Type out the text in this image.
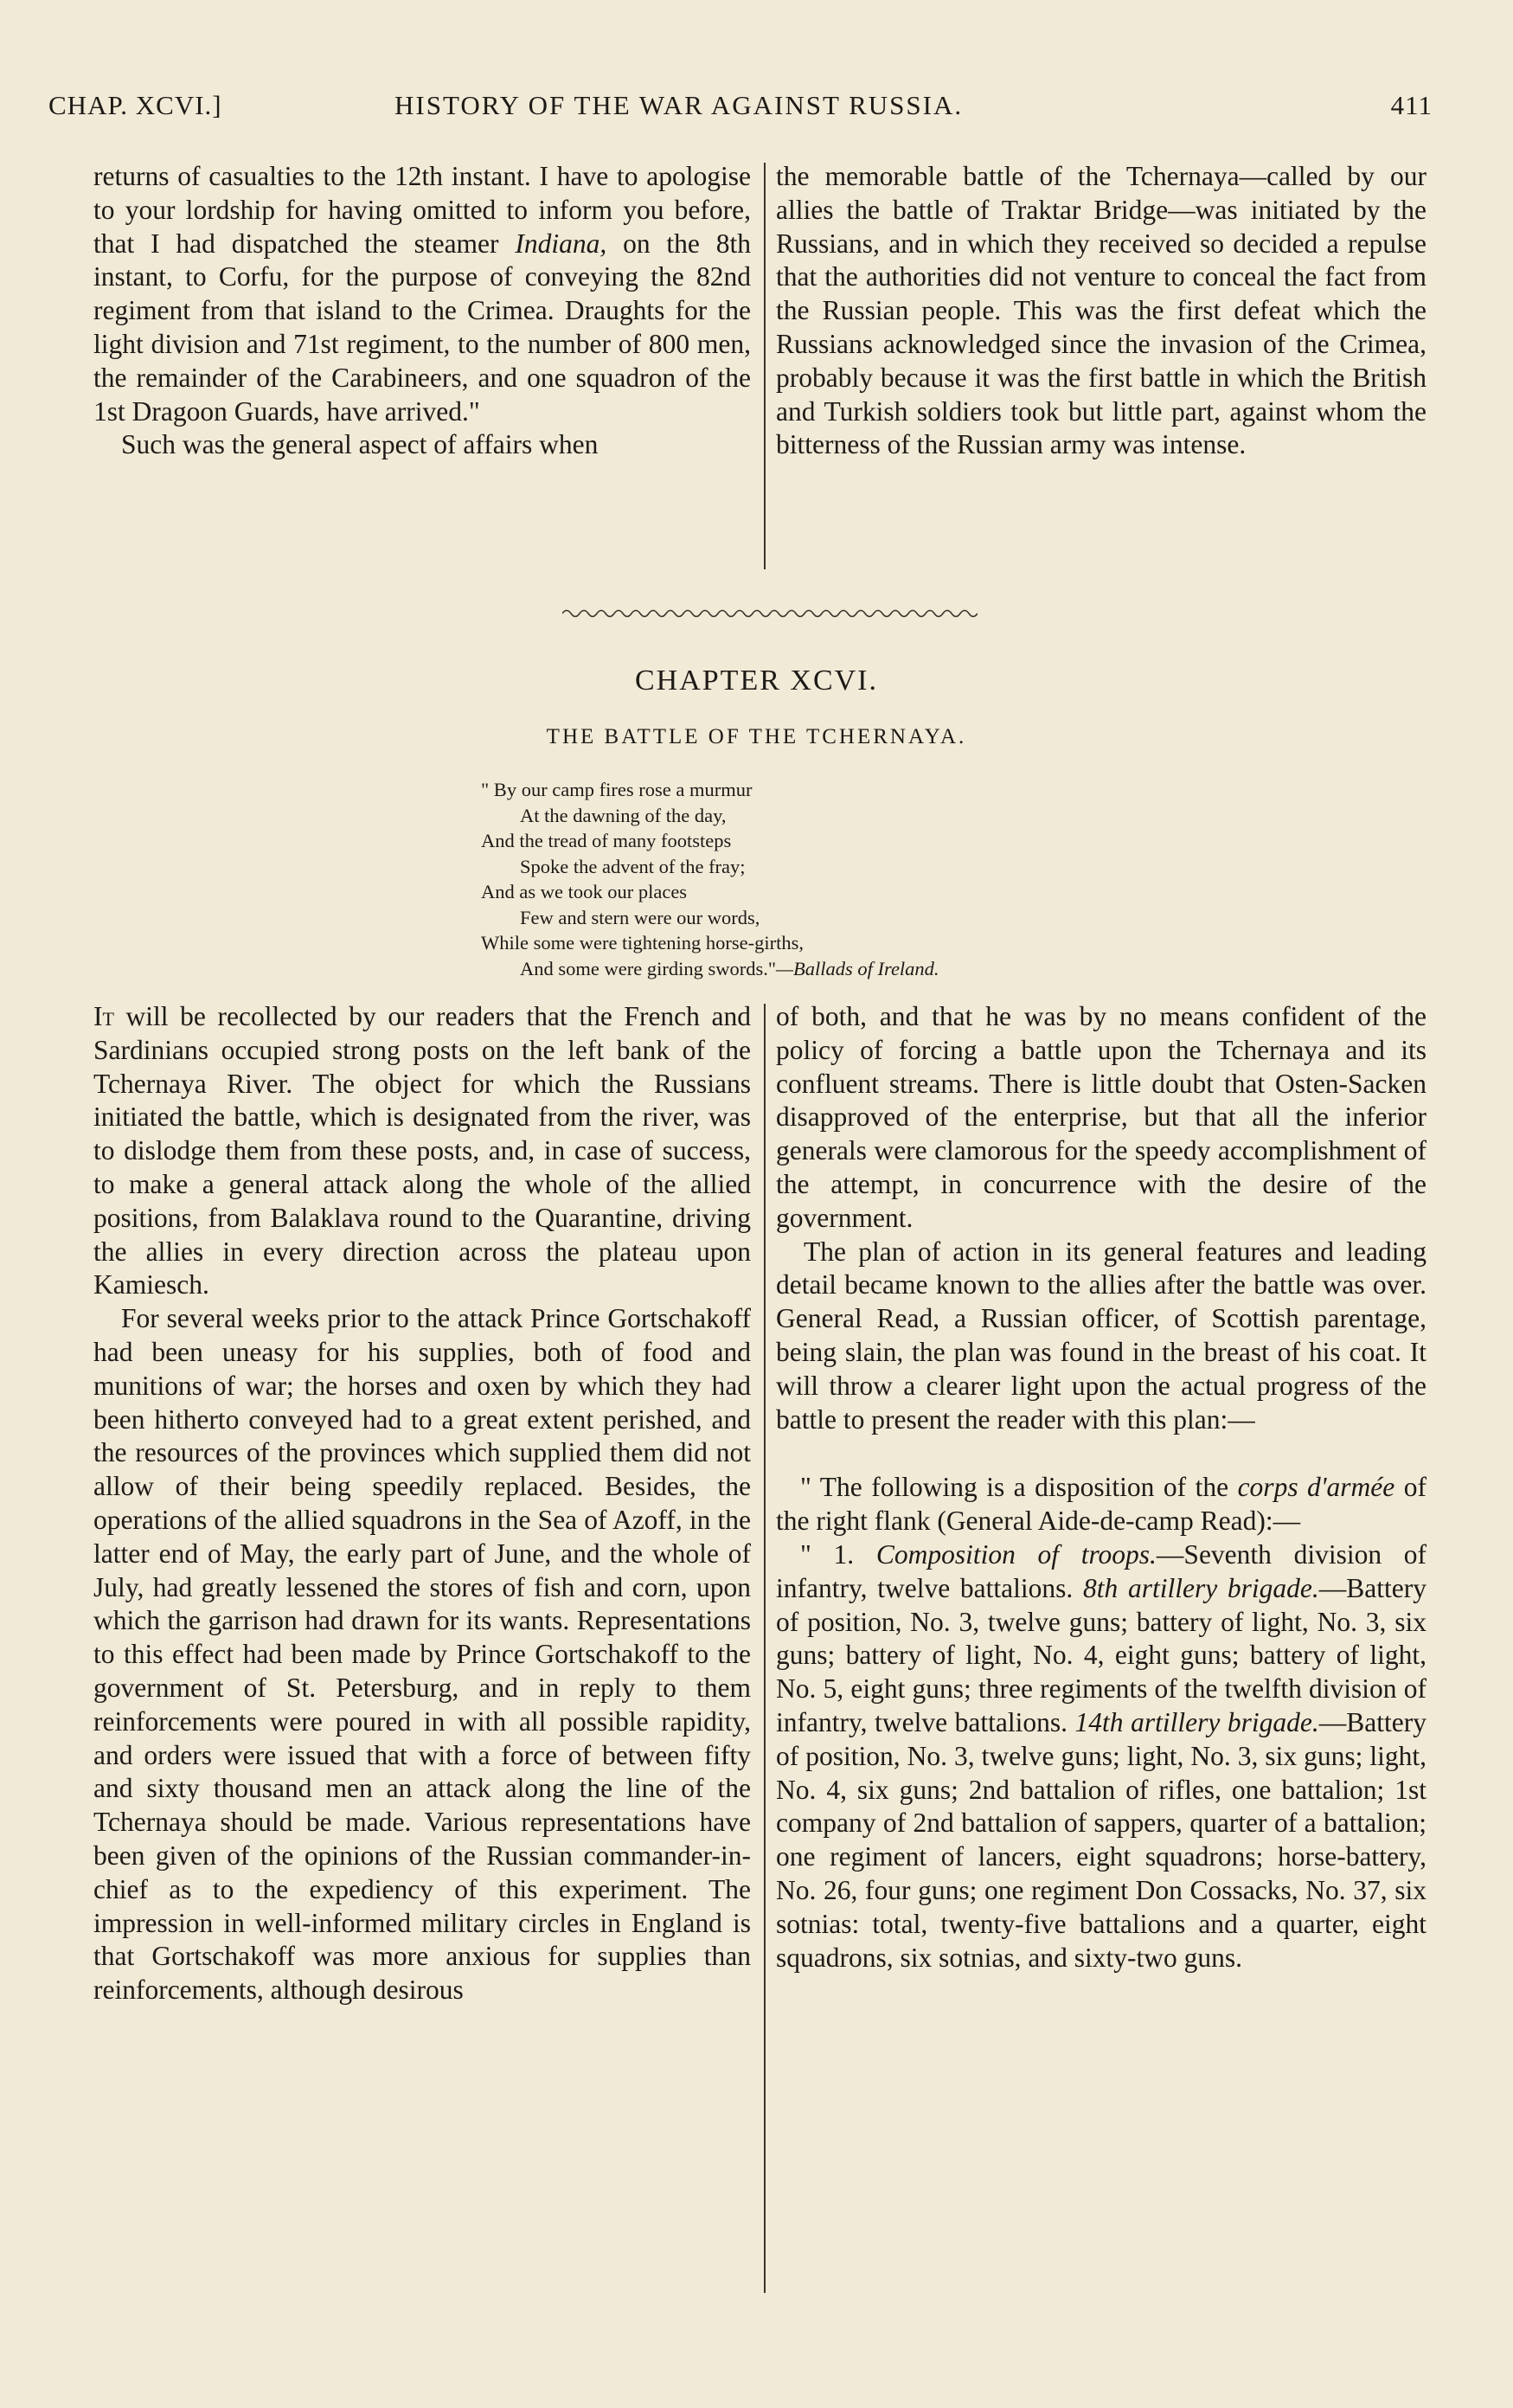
CHAP. XCVI.]	HISTORY OF THE WAR AGAINST RUSSIA.	411

returns of casualties to the 12th instant. I have to apologise to your lordship for having omitted to inform you before, that I had dispatched the steamer Indiana, on the 8th instant, to Corfu, for the purpose of conveying the 82nd regiment from that island to the Crimea. Draughts for the light division and 71st regiment, to the number of 800 men, the remainder of the Carabineers, and one squadron of the 1st Dragoon Guards, have arrived."

Such was the general aspect of affairs when

the memorable battle of the Tchernaya—called by our allies the battle of Traktar Bridge—was initiated by the Russians, and in which they received so decided a repulse that the authorities did not venture to conceal the fact from the Russian people. This was the first defeat which the Russians acknowledged since the invasion of the Crimea, probably because it was the first battle in which the British and Turkish soldiers took but little part, against whom the bitterness of the Russian army was intense.

CHAPTER XCVI.
THE BATTLE OF THE TCHERNAYA.
" By our camp fires rose a murmur
At the dawning of the day,
And the tread of many footsteps
Spoke the advent of the fray;
And as we took our places
Few and stern were our words,
While some were tightening horse-girths,
And some were girding swords."—Ballads of Ireland.

It will be recollected by our readers that the French and Sardinians occupied strong posts on the left bank of the Tchernaya River. The object for which the Russians initiated the battle, which is designated from the river, was to dislodge them from these posts, and, in case of success, to make a general attack along the whole of the allied positions, from Balaklava round to the Quarantine, driving the allies in every direction across the plateau upon Kamiesch.

For several weeks prior to the attack Prince Gortschakoff had been uneasy for his supplies, both of food and munitions of war; the horses and oxen by which they had been hitherto conveyed had to a great extent perished, and the resources of the provinces which supplied them did not allow of their being speedily replaced. Besides, the operations of the allied squadrons in the Sea of Azoff, in the latter end of May, the early part of June, and the whole of July, had greatly lessened the stores of fish and corn, upon which the garrison had drawn for its wants. Representations to this effect had been made by Prince Gortschakoff to the government of St. Petersburg, and in reply to them reinforcements were poured in with all possible rapidity, and orders were issued that with a force of between fifty and sixty thousand men an attack along the line of the Tchernaya should be made. Various representations have been given of the opinions of the Russian commander-in-chief as to the expediency of this experiment. The impression in well-informed military circles in England is that Gortschakoff was more anxious for supplies than reinforcements, although desirous

of both, and that he was by no means confident of the policy of forcing a battle upon the Tchernaya and its confluent streams. There is little doubt that Osten-Sacken disapproved of the enterprise, but that all the inferior generals were clamorous for the speedy accomplishment of the attempt, in concurrence with the desire of the government.

The plan of action in its general features and leading detail became known to the allies after the battle was over. General Read, a Russian officer, of Scottish parentage, being slain, the plan was found in the breast of his coat. It will throw a clearer light upon the actual progress of the battle to present the reader with this plan:—

" The following is a disposition of the corps d'armée of the right flank (General Aide-de-camp Read):—

" 1. Composition of troops.—Seventh division of infantry, twelve battalions. 8th artillery brigade.—Battery of position, No. 3, twelve guns; battery of light, No. 3, six guns; battery of light, No. 4, eight guns; battery of light, No. 5, eight guns; three regiments of the twelfth division of infantry, twelve battalions. 14th artillery brigade.—Battery of position, No. 3, twelve guns; light, No. 3, six guns; light, No. 4, six guns; 2nd battalion of rifles, one battalion; 1st company of 2nd battalion of sappers, quarter of a battalion; one regiment of lancers, eight squadrons; horse-battery, No. 26, four guns; one regiment Don Cossacks, No. 37, six sotnias: total, twenty-five battalions and a quarter, eight squadrons, six sotnias, and sixty-two guns.
